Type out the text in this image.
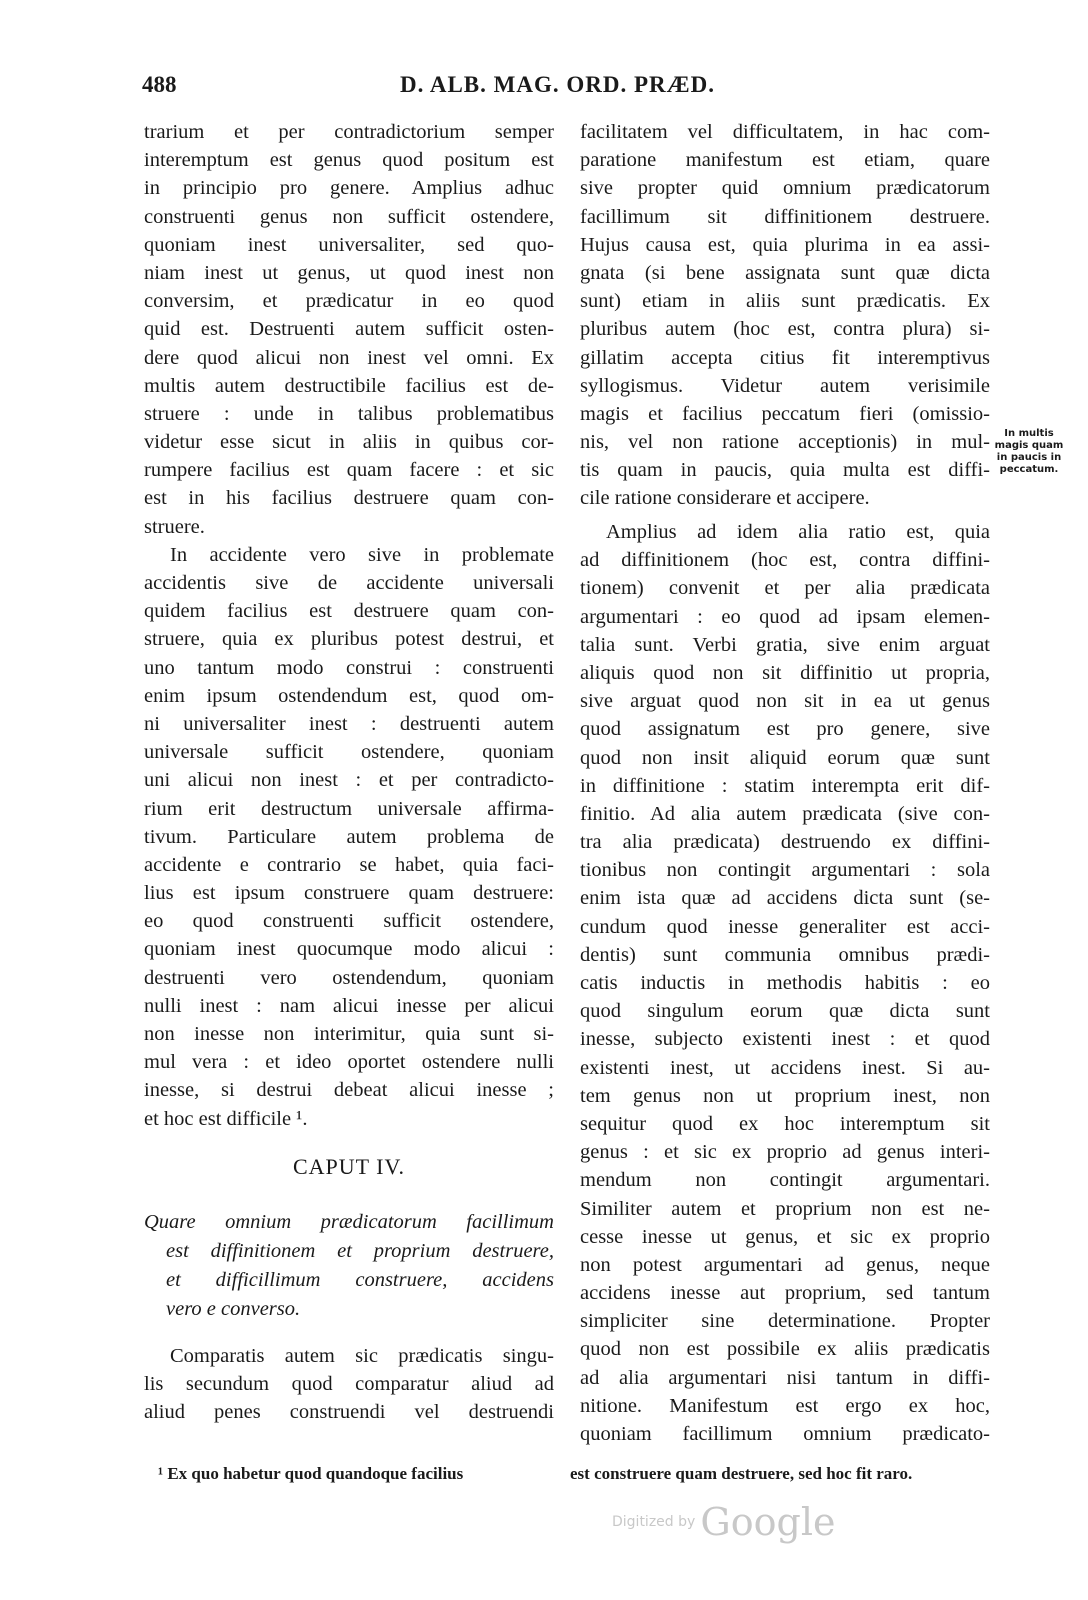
488	D. ALB. MAG. ORD. PRÆD.
trarium et per contradictorium semper
interemptum est genus quod positum est
in principio pro genere. Amplius adhuc
construenti genus non sufficit ostendere,
quoniam inest universaliter, sed quo-
niam inest ut genus, ut quod inest non
conversim, et prædicatur in eo quod
quid est. Destruenti autem sufficit osten-
dere quod alicui non inest vel omni. Ex
multis autem destructibile facilius est de-
struere : unde in talibus problematibus
videtur esse sicut in aliis in quibus cor-
rumpere facilius est quam facere : et sic
est in his facilius destruere quam con-
struere.
In accidente vero sive in problemate
accidentis sive de accidente universali
quidem facilius est destruere quam con-
struere, quia ex pluribus potest destrui, et
uno tantum modo construi : construenti
enim ipsum ostendendum est, quod om-
ni universaliter inest : destruenti autem
universale sufficit ostendere, quoniam
uni alicui non inest : et per contradicto-
rium erit destructum universale affirma-
tivum. Particulare autem problema de
accidente e contrario se habet, quia faci-
lius est ipsum construere quam destruere:
eo quod construenti sufficit ostendere,
quoniam inest quocumque modo alicui :
destruenti vero ostendendum, quoniam
nulli inest : nam alicui inesse per alicui
non inesse non interimitur, quia sunt si-
mul vera : et ideo oportet ostendere nulli
inesse, si destrui debeat alicui inesse ;
et hoc est difficile ¹.
CAPUT IV.
Quare omnium prædicatorum facillimum
est diffinitionem et proprium destruere,
et difficillimum construere, accidens
vero e converso.
Comparatis autem sic prædicatis singu-
lis secundum quod comparatur aliud ad
aliud penes construendi vel destruendi
facilitatem vel difficultatem, in hac com-
paratione manifestum est etiam, quare
sive propter quid omnium prædicatorum
facillimum sit diffinitionem destruere.
Hujus causa est, quia plurima in ea assi-
gnata (si bene assignata sunt quæ dicta
sunt) etiam in aliis sunt prædicatis. Ex
pluribus autem (hoc est, contra plura) si-
gillatim accepta citius fit interemptivus
syllogismus. Videtur autem verisimile
magis et facilius peccatum fieri (omissio-
nis, vel non ratione acceptionis) in mul-
tis quam in paucis, quia multa est diffi-
cile ratione considerare et accipere.
Amplius ad idem alia ratio est, quia
ad diffinitionem (hoc est, contra diffini-
tionem) convenit et per alia prædicata
argumentari : eo quod ad ipsam elemen-
talia sunt. Verbi gratia, sive enim arguat
aliquis quod non sit diffinitio ut propria,
sive arguat quod non sit in ea ut genus
quod assignatum est pro genere, sive
quod non insit aliquid eorum quæ sunt
in diffinitione : statim interempta erit dif-
finitio. Ad alia autem prædicata (sive con-
tra alia prædicata) destruendo ex diffini-
tionibus non contingit argumentari : sola
enim ista quæ ad accidens dicta sunt (se-
cundum quod inesse generaliter est acci-
dentis) sunt communia omnibus prædi-
catis inductis in methodis habitis : eo
quod singulum eorum quæ dicta sunt
inesse, subjecto existenti inest : et quod
existenti inest, ut accidens inest. Si au-
tem genus non ut proprium inest, non
sequitur quod ex hoc interemptum sit
genus : et sic ex proprio ad genus interi-
mendum non contingit argumentari.
Similiter autem et proprium non est ne-
cesse inesse ut genus, et sic ex proprio
non potest argumentari ad genus, neque
accidens inesse aut proprium, sed tantum
simpliciter sine determinatione. Propter
quod non est possibile ex aliis prædicatis
ad alia argumentari nisi tantum in diffi-
nitione. Manifestum est ergo ex hoc,
quoniam facillimum omnium prædicato-
In multis
magis quam
in paucis in
peccatum.
¹ Ex quo habetur quod quandoque facilius	est construere quam destruere, sed hoc fit raro.
Digitized by Google
